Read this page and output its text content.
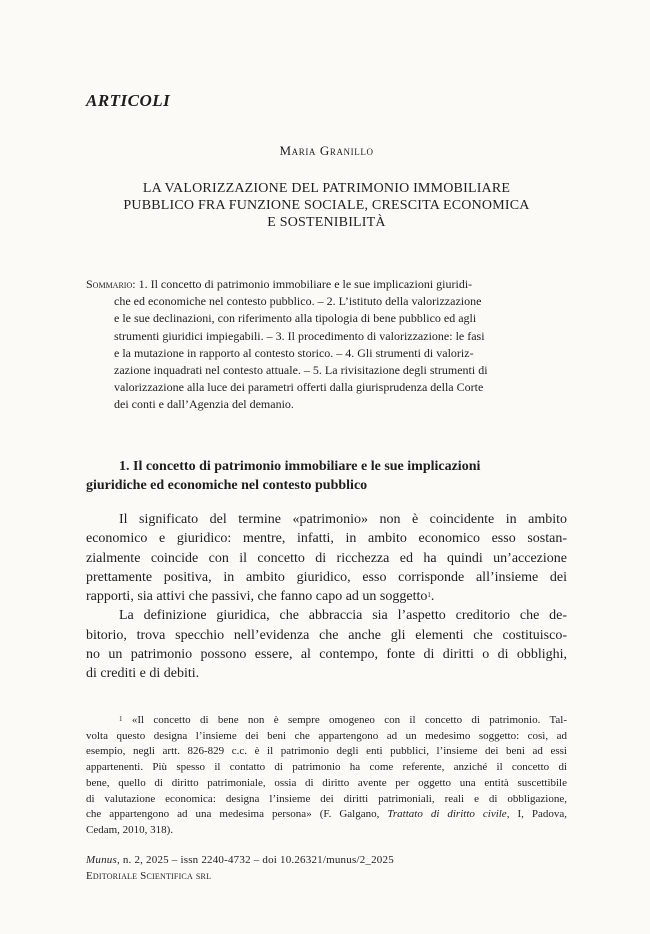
ARTICOLI
Maria Granillo
LA VALORIZZAZIONE DEL PATRIMONIO IMMOBILIARE
PUBBLICO FRA FUNZIONE SOCIALE, CRESCITA ECONOMICA
E SOSTENIBILITÀ
Sommario: 1. Il concetto di patrimonio immobiliare e le sue implicazioni giuridi-
che ed economiche nel contesto pubblico. – 2. L’istituto della valorizzazione
e le sue declinazioni, con riferimento alla tipologia di bene pubblico ed agli
strumenti giuridici impiegabili. – 3. Il procedimento di valorizzazione: le fasi
e la mutazione in rapporto al contesto storico. – 4. Gli strumenti di valoriz-
zazione inquadrati nel contesto attuale. – 5. La rivisitazione degli strumenti di
valorizzazione alla luce dei parametri offerti dalla giurisprudenza della Corte
dei conti e dall’Agenzia del demanio.
1. Il concetto di patrimonio immobiliare e le sue implicazioni
giuridiche ed economiche nel contesto pubblico

Il significato del termine «patrimonio» non è coincidente in ambito
economico e giuridico: mentre, infatti, in ambito economico esso sostan-
zialmente coincide con il concetto di ricchezza ed ha quindi un’accezione
prettamente positiva, in ambito giuridico, esso corrisponde all’insieme dei
rapporti, sia attivi che passivi, che fanno capo ad un soggetto$^1$.

La definizione giuridica, che abbraccia sia l’aspetto creditorio che de-
bitorio, trova specchio nell’evidenza che anche gli elementi che costituisco-
no un patrimonio possono essere, al contempo, fonte di diritti o di obblighi,
di crediti e di debiti.

$^1$ «Il concetto di bene non è sempre omogeneo con il concetto di patrimonio. Tal-
volta questo designa l’insieme dei beni che appartengono ad un medesimo soggetto: così, ad
esempio, negli artt. 826-829 c.c. è il patrimonio degli enti pubblici, l’insieme dei beni ad essi
appartenenti. Più spesso il contatto di patrimonio ha come referente, anziché il concetto di
bene, quello di diritto patrimoniale, ossia di diritto avente per oggetto una entità suscettibile
di valutazione economica: designa l’insieme dei diritti patrimoniali, reali e di obbligazione,
che appartengono ad una medesima persona» (F. Galgano, Trattato di diritto civile, I, Padova,
Cedam, 2010, 318).
Munus, n. 2, 2025 – issn 2240-4732 – doi 10.26321/munus/2_2025
Editoriale Scientifica srl
